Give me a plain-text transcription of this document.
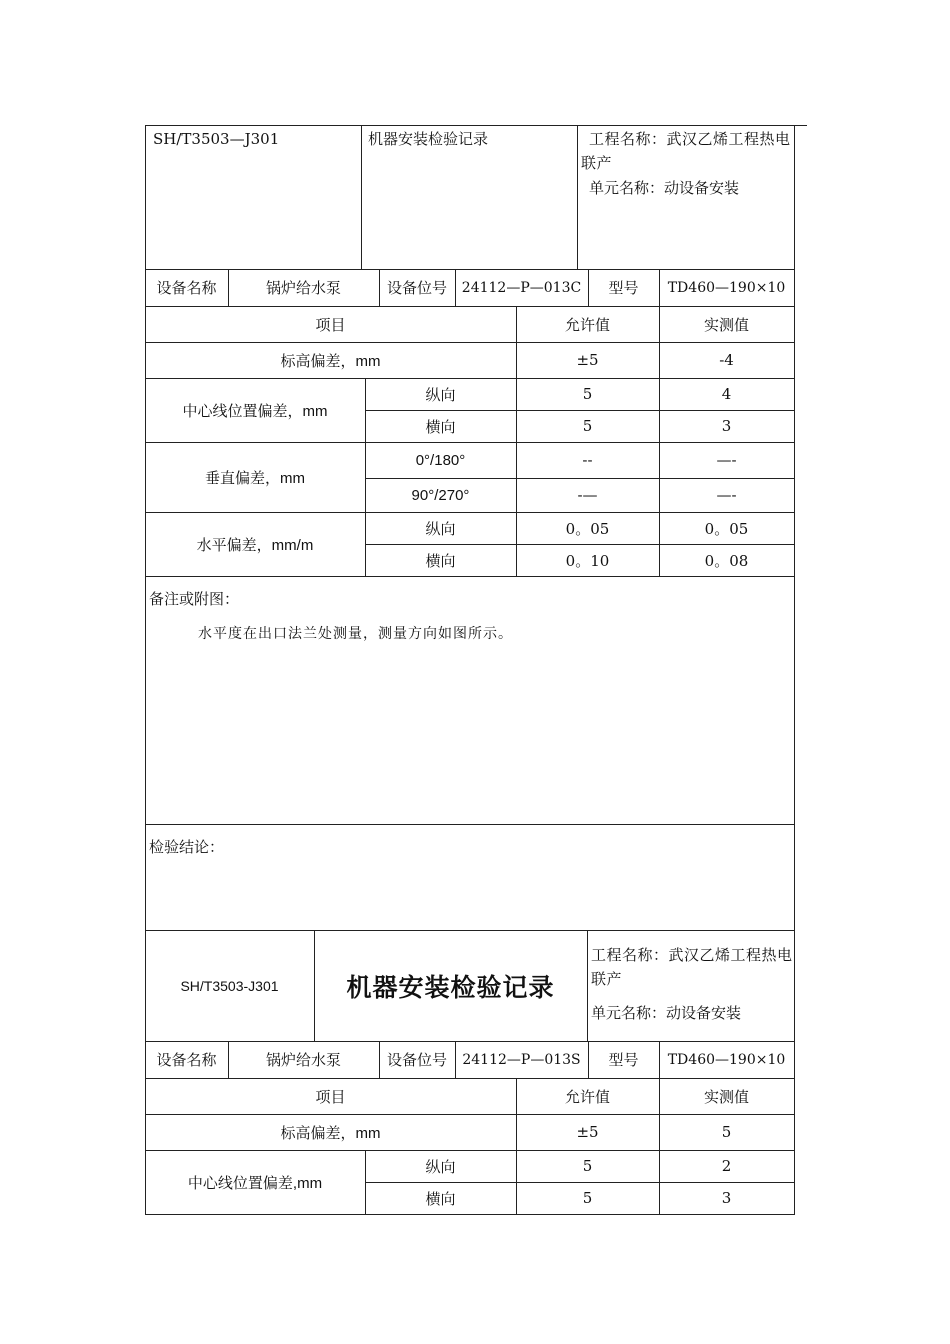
SH/T3503—J301	机器安装检验记录	工程名称：武汉乙烯工程热电联产
单元名称：动设备安装
设备名称	锅炉给水泵	设备位号	24112—P—013C	型号	TD460—190×10
项目	允许值	实测值
标高偏差，mm	±5	-4
中心线位置偏差，mm
纵向	5	4
横向	5	3
垂直偏差，mm
0°/180°	--	—-
90°/270°	-—	—-
水平偏差，mm/m
纵向	0。05	0。05
横向	0。10	0。08
备注或附图：
水平度在出口法兰处测量，测量方向如图所示。
检验结论：
SH/T3503-J301	机器安装检验记录
工程名称：武汉乙烯工程热电联产
单元名称：动设备安装
设备名称	锅炉给水泵	设备位号	24112—P—013S	型号	TD460—190×10
项目	允许值	实测值
标高偏差，mm	±5	5
中心线位置偏差,mm
纵向	5	2
横向	5	3
